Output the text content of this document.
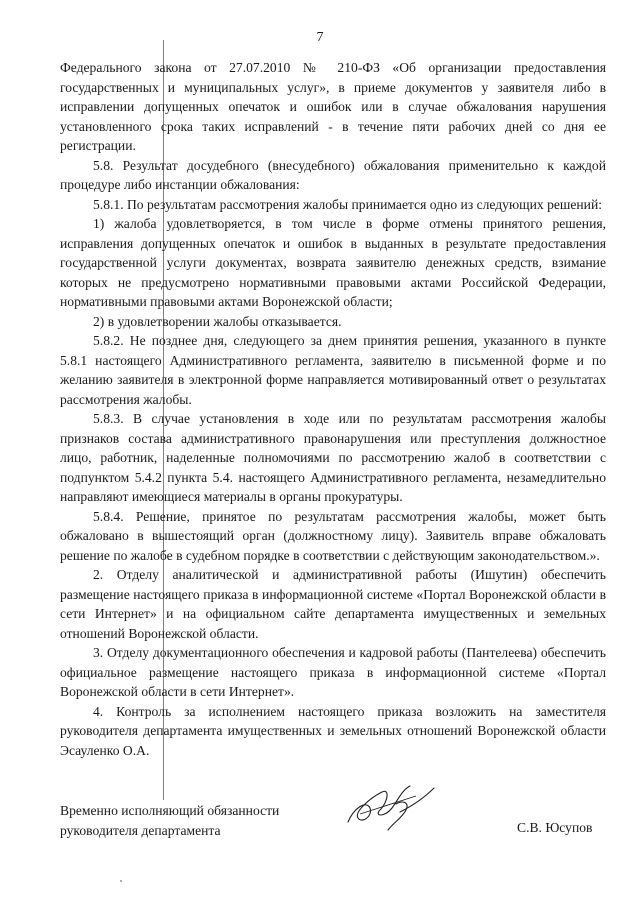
7

Федерального закона от 27.07.2010 № 210-ФЗ «Об организации предоставления государственных и муниципальных услуг», в приеме документов у заявителя либо в исправлении допущенных опечаток и ошибок или в случае обжалования нарушения установленного срока таких исправлений - в течение пяти рабочих дней со дня ее регистрации.

5.8. Результат досудебного (внесудебного) обжалования применительно к каждой процедуре либо инстанции обжалования:

5.8.1. По результатам рассмотрения жалобы принимается одно из следующих решений:

1) жалоба удовлетворяется, в том числе в форме отмены принятого решения, исправления допущенных опечаток и ошибок в выданных в результате предоставления государственной услуги документах, возврата заявителю денежных средств, взимание которых не предусмотрено нормативными правовыми актами Российской Федерации, нормативными правовыми актами Воронежской области;

2) в удовлетворении жалобы отказывается.

5.8.2. Не позднее дня, следующего за днем принятия решения, указанного в пункте 5.8.1 настоящего Административного регламента, заявителю в письменной форме и по желанию заявителя в электронной форме направляется мотивированный ответ о результатах рассмотрения жалобы.

5.8.3. В случае установления в ходе или по результатам рассмотрения жалобы признаков состава административного правонарушения или преступления должностное лицо, работник, наделенные полномочиями по рассмотрению жалоб в соответствии с подпунктом 5.4.2 пункта 5.4. настоящего Административного регламента, незамедлительно направляют имеющиеся материалы в органы прокуратуры.

5.8.4. Решение, принятое по результатам рассмотрения жалобы, может быть обжаловано в вышестоящий орган (должностному лицу). Заявитель вправе обжаловать решение по жалобе в судебном порядке в соответствии с действующим законодательством.».

2. Отделу аналитической и административной работы (Ишутин) обеспечить размещение настоящего приказа в информационной системе «Портал Воронежской области в сети Интернет» и на официальном сайте департамента имущественных и земельных отношений Воронежской области.

3. Отделу документационного обеспечения и кадровой работы (Пантелеева) обеспечить официальное размещение настоящего приказа в информационной системе «Портал Воронежской области в сети Интернет».

4. Контроль за исполнением настоящего приказа возложить на заместителя руководителя департамента имущественных и земельных отношений Воронежской области Эсауленко О.А.

Временно исполняющий обязанности
руководителя департамента	С.В. Юсупов
